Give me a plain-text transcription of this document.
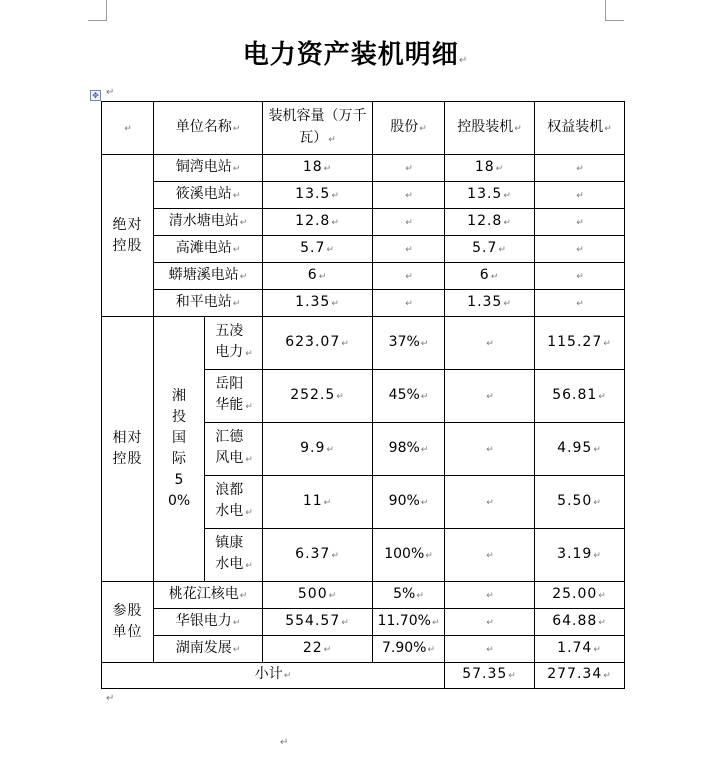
电力资产装机明细↵
✥ ↵
↵	单位名称↵		装机容量（万千瓦）↵	股份↵	控股装机↵	权益装机↵
绝对控股	铜湾电站↵		18↵	↵	18↵	↵
	筱溪电站↵		13.5↵	↵	13.5↵	↵
	清水塘电站↵		12.8↵	↵	12.8↵	↵
	高滩电站↵		5.7↵	↵	5.7↵	↵
	蟒塘溪电站↵		6↵	↵	6↵	↵
	和平电站↵		1.35↵	↵	1.35↵	↵
相对控股	湘投国际50%	五凌电力 ↵	623.07↵	37%↵	↵	115.27↵
		岳阳华能 ↵	252.5↵	45%↵	↵	56.81↵
		汇德风电 ↵	9.9↵	98%↵	↵	4.95↵
		浪都水电 ↵	11↵	90%↵	↵	5.50↵
		镇康水电 ↵	6.37↵	100%↵	↵	3.19↵
参股单位	桃花江核电↵		500↵	5%↵	↵	25.00↵
	华银电力↵		554.57↵	11.70%↵	↵	64.88↵
	湖南发展↵		22↵	7.90%↵	↵	1.74↵
小计↵					57.35↵	277.34↵
↵
↵
